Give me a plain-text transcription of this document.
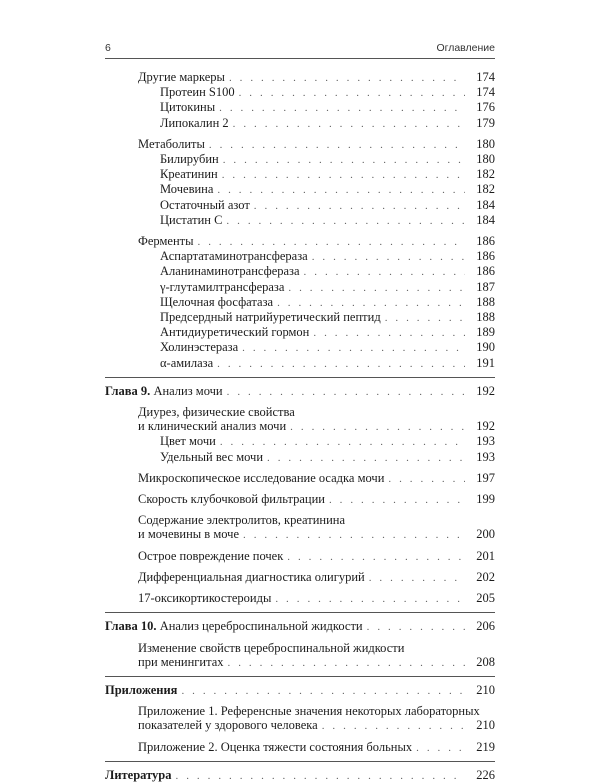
6	Оглавление
Другие маркеры . . .	174
Протеин S100 . . .	174
Цитокины . . .	176
Липокалин 2 . . .	179
Метаболиты . . .	180
Билирубин . . .	180
Креатинин . . .	182
Мочевина . . .	182
Остаточный азот . . .	184
Цистатин C . . .	184
Ферменты . . .	186
Аспартатаминотрансфераза . . .	186
Аланинаминотрансфераза . . .	186
γ-глутамилтрансфераза . . .	187
Щелочная фосфатаза . . .	188
Предсердный натрийуретический пептид . . .	188
Антидиуретический гормон . . .	189
Холинэстераза . . .	190
α-амилаза . . .	191
Глава 9. Анализ мочи . . .	192
Диурез, физические свойства
и клинический анализ мочи . . .	192
Цвет мочи . . .	193
Удельный вес мочи . . .	193
Микроскопическое исследование осадка мочи . . .	197
Скорость клубочковой фильтрации . . .	199
Содержание электролитов, креатинина
и мочевины в моче . . .	200
Острое повреждение почек . . .	201
Дифференциальная диагностика олигурий . . .	202
17-оксикортикостероиды . . .	205
Глава 10. Анализ цереброспинальной жидкости . . .	206
Изменение свойств цереброспинальной жидкости
при менингитах . . .	208
Приложения . . .	210
Приложение 1. Референсные значения некоторых лабораторных
показателей у здорового человека . . .	210
Приложение 2. Оценка тяжести состояния больных . . .	219
Литература . . .	226
